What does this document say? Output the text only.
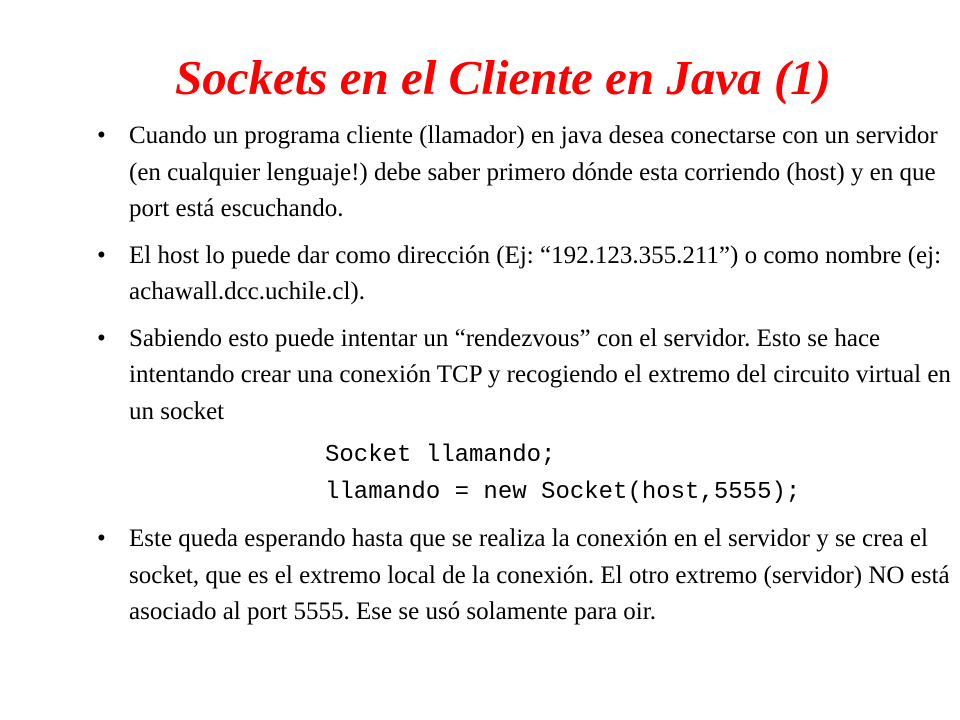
Sockets en el Cliente en Java (1)
• Cuando un programa cliente (llamador) en java desea conectarse con un servidor (en cualquier lenguaje!) debe saber primero dónde esta corriendo (host) y en que port está escuchando.
• El host lo puede dar como dirección (Ej: “192.123.355.211”) o como nombre (ej: achawall.dcc.uchile.cl).
• Sabiendo esto puede intentar un “rendezvous” con el servidor. Esto se hace intentando crear una conexión TCP y recogiendo el extremo del circuito virtual en un socket
Socket llamando;
llamando = new Socket(host,5555);
• Este queda esperando hasta que se realiza la conexión en el servidor y se crea el socket, que es el extremo local de la conexión. El otro extremo (servidor) NO está asociado al port 5555. Ese se usó solamente para oir.
